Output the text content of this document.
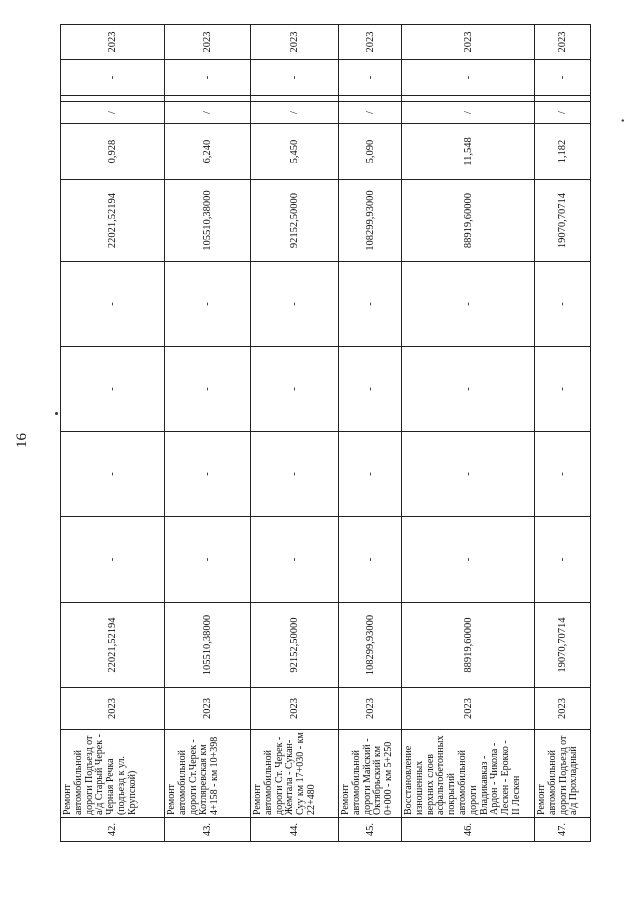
16
•
42.	Ремонт автомобильной дороги Подъезд от а/д Старый Черек - Черная Речка (подъезд к ул. Крупской)	2023	22021,52194	-	-	-	-	22021,52194	0,928	/		-	2023
43.	Ремонт автомобильной дороги Ст.Черек - Котляревская км 4+158 - км 10+398	2023	105510,38000	-	-	-	-	105510,38000	6,240	/		-	2023
44.	Ремонт автомобильной дороги Ст. Черек - Жемтала - Сукан-Суу км 17+030 - км 22+480	2023	92152,50000	-	-	-	-	92152,50000	5,450	/		-	2023
45.	Ремонт автомобильной дороги Майский - Октябрьский км 0+000 - км 5+250	2023	108299,93000	-	-	-	-	108299,93000	5,090	/		-	2023
46.	Восстановление изношенных верхних слоев асфальтобетонных покрытий автомобильной дороги Владикавказ - Ардон - Чикола - Лескен - Ерокко - II Лескен	2023	88919,60000	-	-	-	-	88919,60000	11,548	/		-	2023
47.	Ремонт автомобильной дороги Подъезд от а/д Прохладный	2023	19070,70714	-	-	-	-	19070,70714	1,182	/		-	2023
